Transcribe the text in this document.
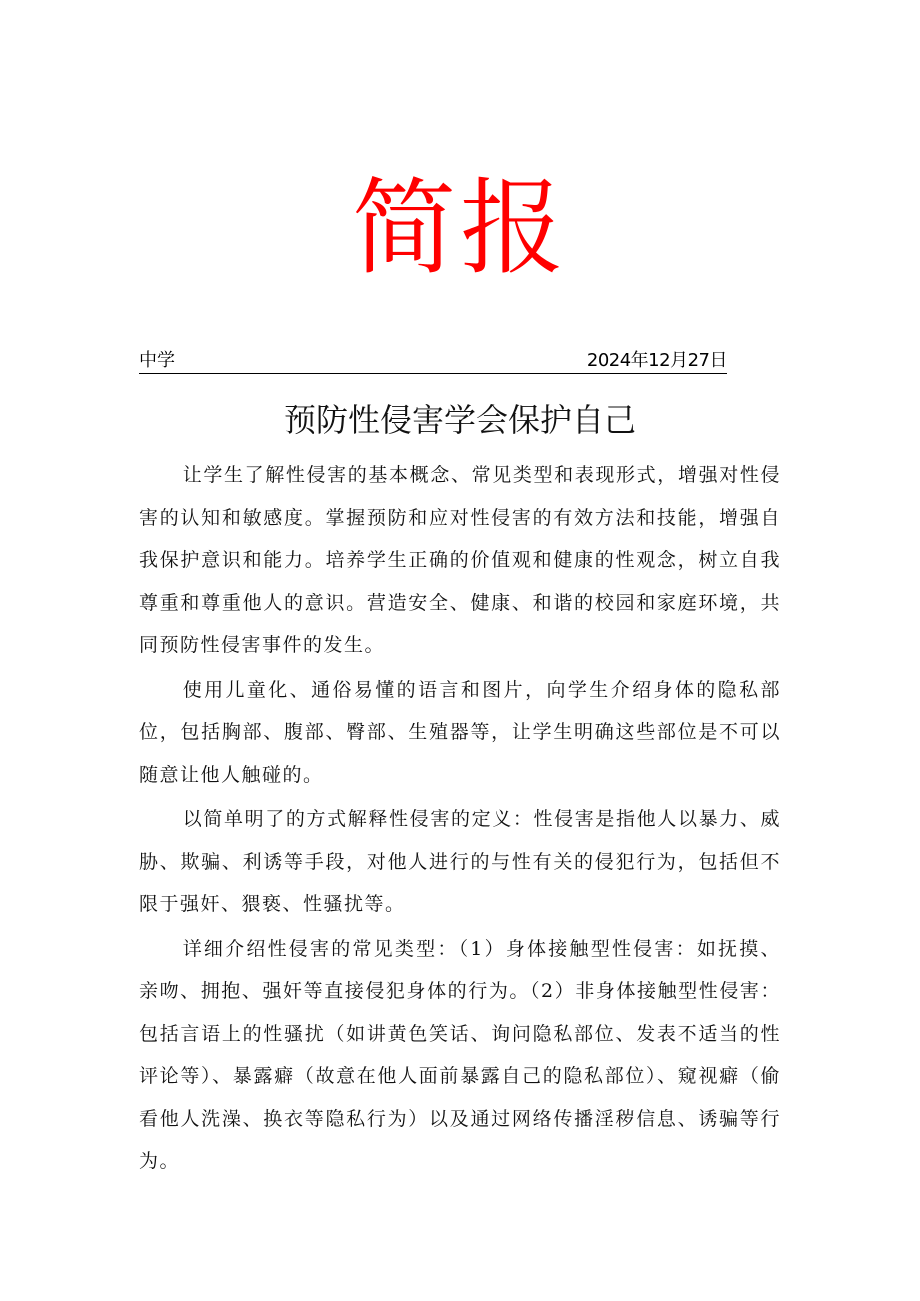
简报
中学	2024年12月27日
预防性侵害学会保护自己

让学生了解性侵害的基本概念、常见类型和表现形式，增强对性侵害的认知和敏感度。掌握预防和应对性侵害的有效方法和技能，增强自我保护意识和能力。培养学生正确的价值观和健康的性观念，树立自我尊重和尊重他人的意识。营造安全、健康、和谐的校园和家庭环境，共同预防性侵害事件的发生。

使用儿童化、通俗易懂的语言和图片，向学生介绍身体的隐私部位，包括胸部、腹部、臀部、生殖器等，让学生明确这些部位是不可以随意让他人触碰的。

以简单明了的方式解释性侵害的定义：性侵害是指他人以暴力、威胁、欺骗、利诱等手段，对他人进行的与性有关的侵犯行为，包括但不限于强奸、猥亵、性骚扰等。

详细介绍性侵害的常见类型：（1）身体接触型性侵害：如抚摸、亲吻、拥抱、强奸等直接侵犯身体的行为。（2）非身体接触型性侵害：包括言语上的性骚扰（如讲黄色笑话、询问隐私部位、发表不适当的性评论等）、暴露癖（故意在他人面前暴露自己的隐私部位）、窥视癖（偷看他人洗澡、换衣等隐私行为）以及通过网络传播淫秽信息、诱骗等行为。
